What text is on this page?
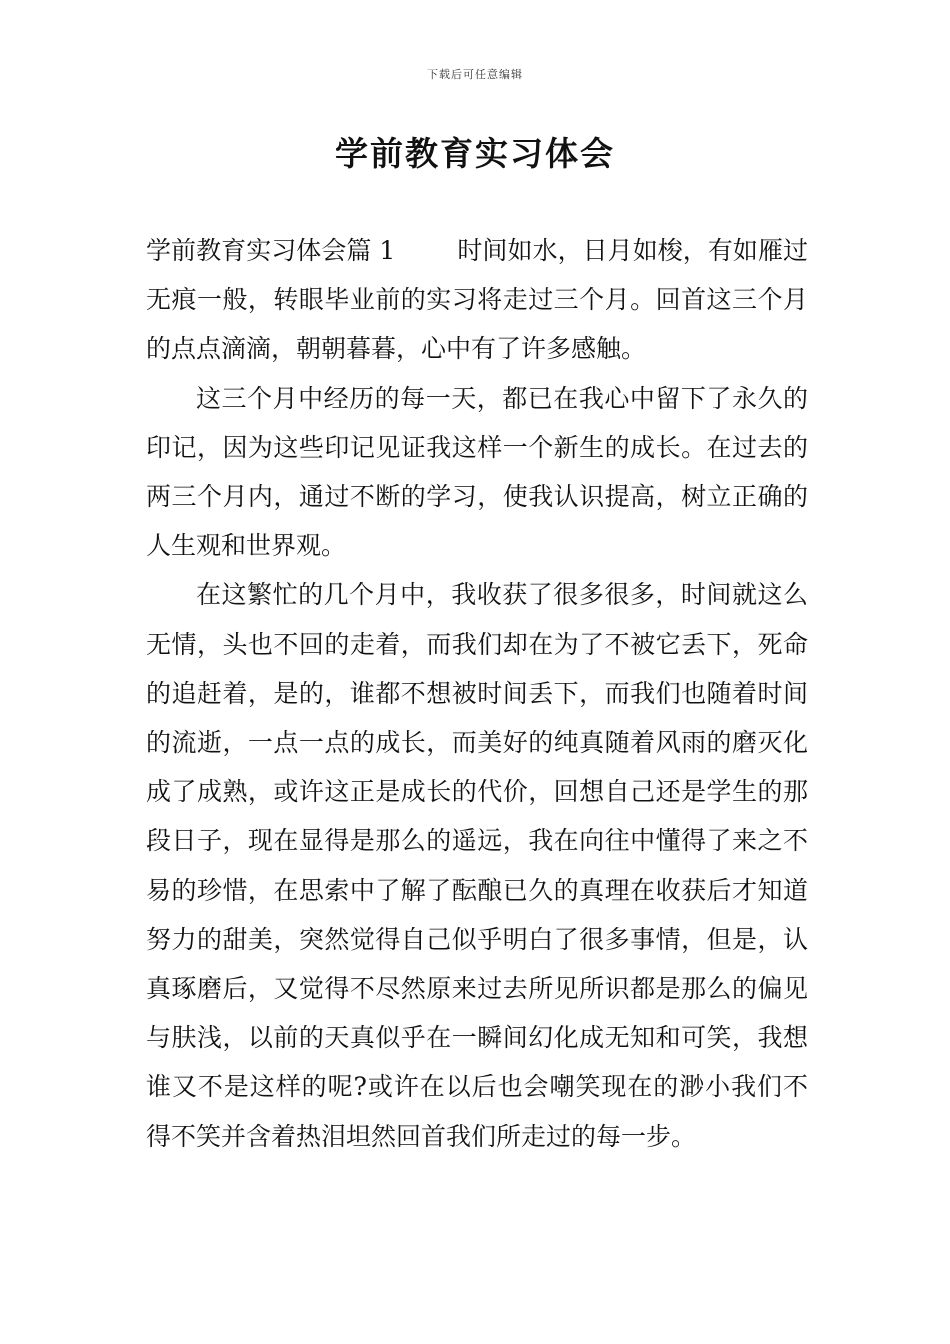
下载后可任意编辑
学前教育实习体会

学前教育实习体会篇 1 时间如水，日月如梭，有如雁过无痕一般，转眼毕业前的实习将走过三个月。回首这三个月的点点滴滴，朝朝暮暮，心中有了许多感触。

这三个月中经历的每一天，都已在我心中留下了永久的印记，因为这些印记见证我这样一个新生的成长。在过去的两三个月内，通过不断的学习，使我认识提高，树立正确的人生观和世界观。

在这繁忙的几个月中，我收获了很多很多，时间就这么无情，头也不回的走着，而我们却在为了不被它丢下，死命的追赶着，是的，谁都不想被时间丢下，而我们也随着时间的流逝，一点一点的成长，而美好的纯真随着风雨的磨灭化成了成熟，或许这正是成长的代价，回想自己还是学生的那段日子，现在显得是那么的遥远，我在向往中懂得了来之不易的珍惜，在思索中了解了酝酿已久的真理在收获后才知道努力的甜美，突然觉得自己似乎明白了很多事情，但是，认真琢磨后，又觉得不尽然原来过去所见所识都是那么的偏见与肤浅，以前的天真似乎在一瞬间幻化成无知和可笑，我想谁又不是这样的呢?或许在以后也会嘲笑现在的渺小我们不得不笑并含着热泪坦然回首我们所走过的每一步。
